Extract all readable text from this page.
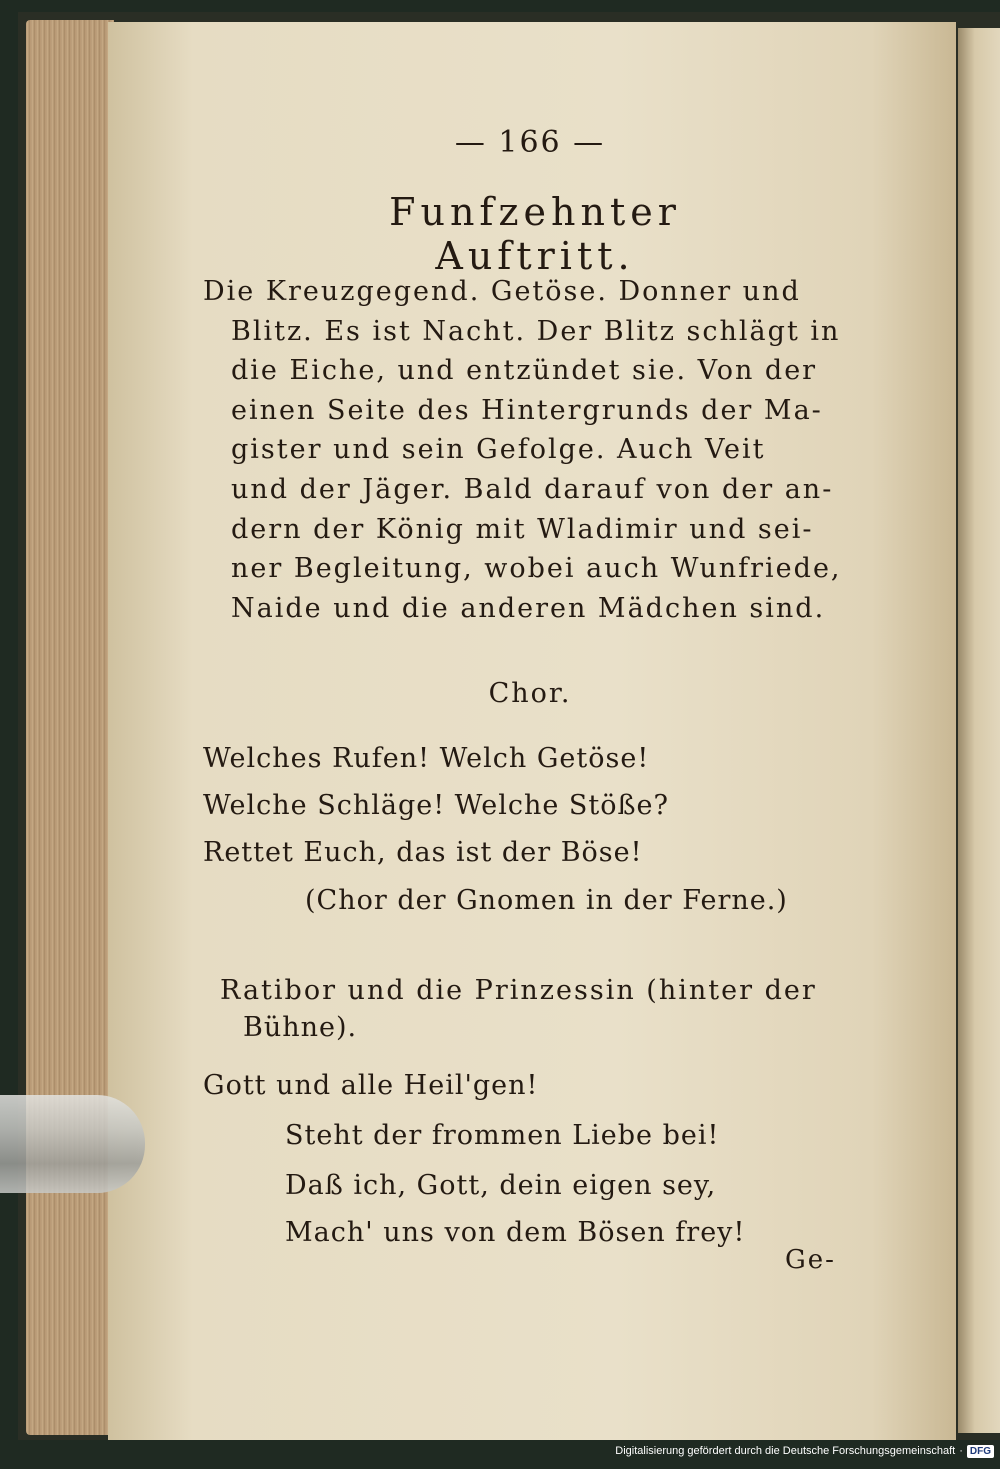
— 166 —
Funfzehnter Auftritt.
Die Kreuzgegend. Getöse. Donner und
Blitz. Es ist Nacht. Der Blitz schlägt in
die Eiche, und entzündet sie. Von der
einen Seite des Hintergrunds der Ma-
gister und sein Gefolge. Auch Veit
und der Jäger. Bald darauf von der an-
dern der König mit Wladimir und sei-
ner Begleitung, wobei auch Wunfriede,
Naide und die anderen Mädchen sind.
Chor.
Welches Rufen! Welch Getöse!
Welche Schläge! Welche Stöße?
Rettet Euch, das ist der Böse!
(Chor der Gnomen in der Ferne.)
Ratibor und die Prinzessin (hinter der
Bühne).
Gott und alle Heil'gen!
Steht der frommen Liebe bei!
Daß ich, Gott, dein eigen sey,
Mach' uns von dem Bösen frey!
Ge-
Digitalisierung gefördert durch die Deutsche Forschungsgemeinschaft · DFG
